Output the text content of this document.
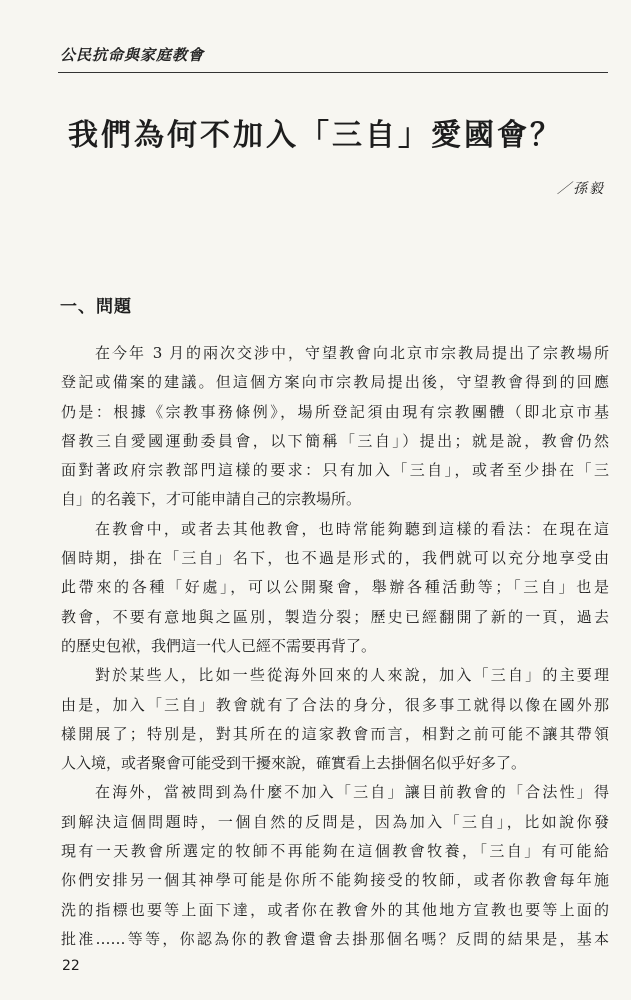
公民抗命與家庭教會
我們為何不加入「三自」愛國會？
／孫毅
一、問題
在今年 3 月的兩次交涉中，守望教會向北京市宗教局提出了宗教場所
登記或備案的建議。但這個方案向市宗教局提出後，守望教會得到的回應
仍是：根據《宗教事務條例》，場所登記須由現有宗教團體（即北京市基
督教三自愛國運動委員會，以下簡稱「三自」）提出；就是說，教會仍然
面對著政府宗教部門這樣的要求：只有加入「三自」，或者至少掛在「三
自」的名義下，才可能申請自己的宗教場所。
在教會中，或者去其他教會，也時常能夠聽到這樣的看法：在現在這
個時期，掛在「三自」名下，也不過是形式的，我們就可以充分地享受由
此帶來的各種「好處」，可以公開聚會，舉辦各種活動等；「三自」也是
教會，不要有意地與之區別，製造分裂；歷史已經翻開了新的一頁，過去
的歷史包袱，我們這一代人已經不需要再背了。
對於某些人，比如一些從海外回來的人來說，加入「三自」的主要理
由是，加入「三自」教會就有了合法的身分，很多事工就得以像在國外那
樣開展了；特別是，對其所在的這家教會而言，相對之前可能不讓其帶領
人入境，或者聚會可能受到干擾來說，確實看上去掛個名似乎好多了。
在海外，當被問到為什麼不加入「三自」讓目前教會的「合法性」得
到解決這個問題時，一個自然的反問是，因為加入「三自」，比如說你發
現有一天教會所選定的牧師不再能夠在這個教會牧養，「三自」有可能給
你們安排另一個其神學可能是你所不能夠接受的牧師，或者你教會每年施
洗的指標也要等上面下達，或者你在教會外的其他地方宣教也要等上面的
批准……等等，你認為你的教會還會去掛那個名嗎？反問的結果是，基本
22
